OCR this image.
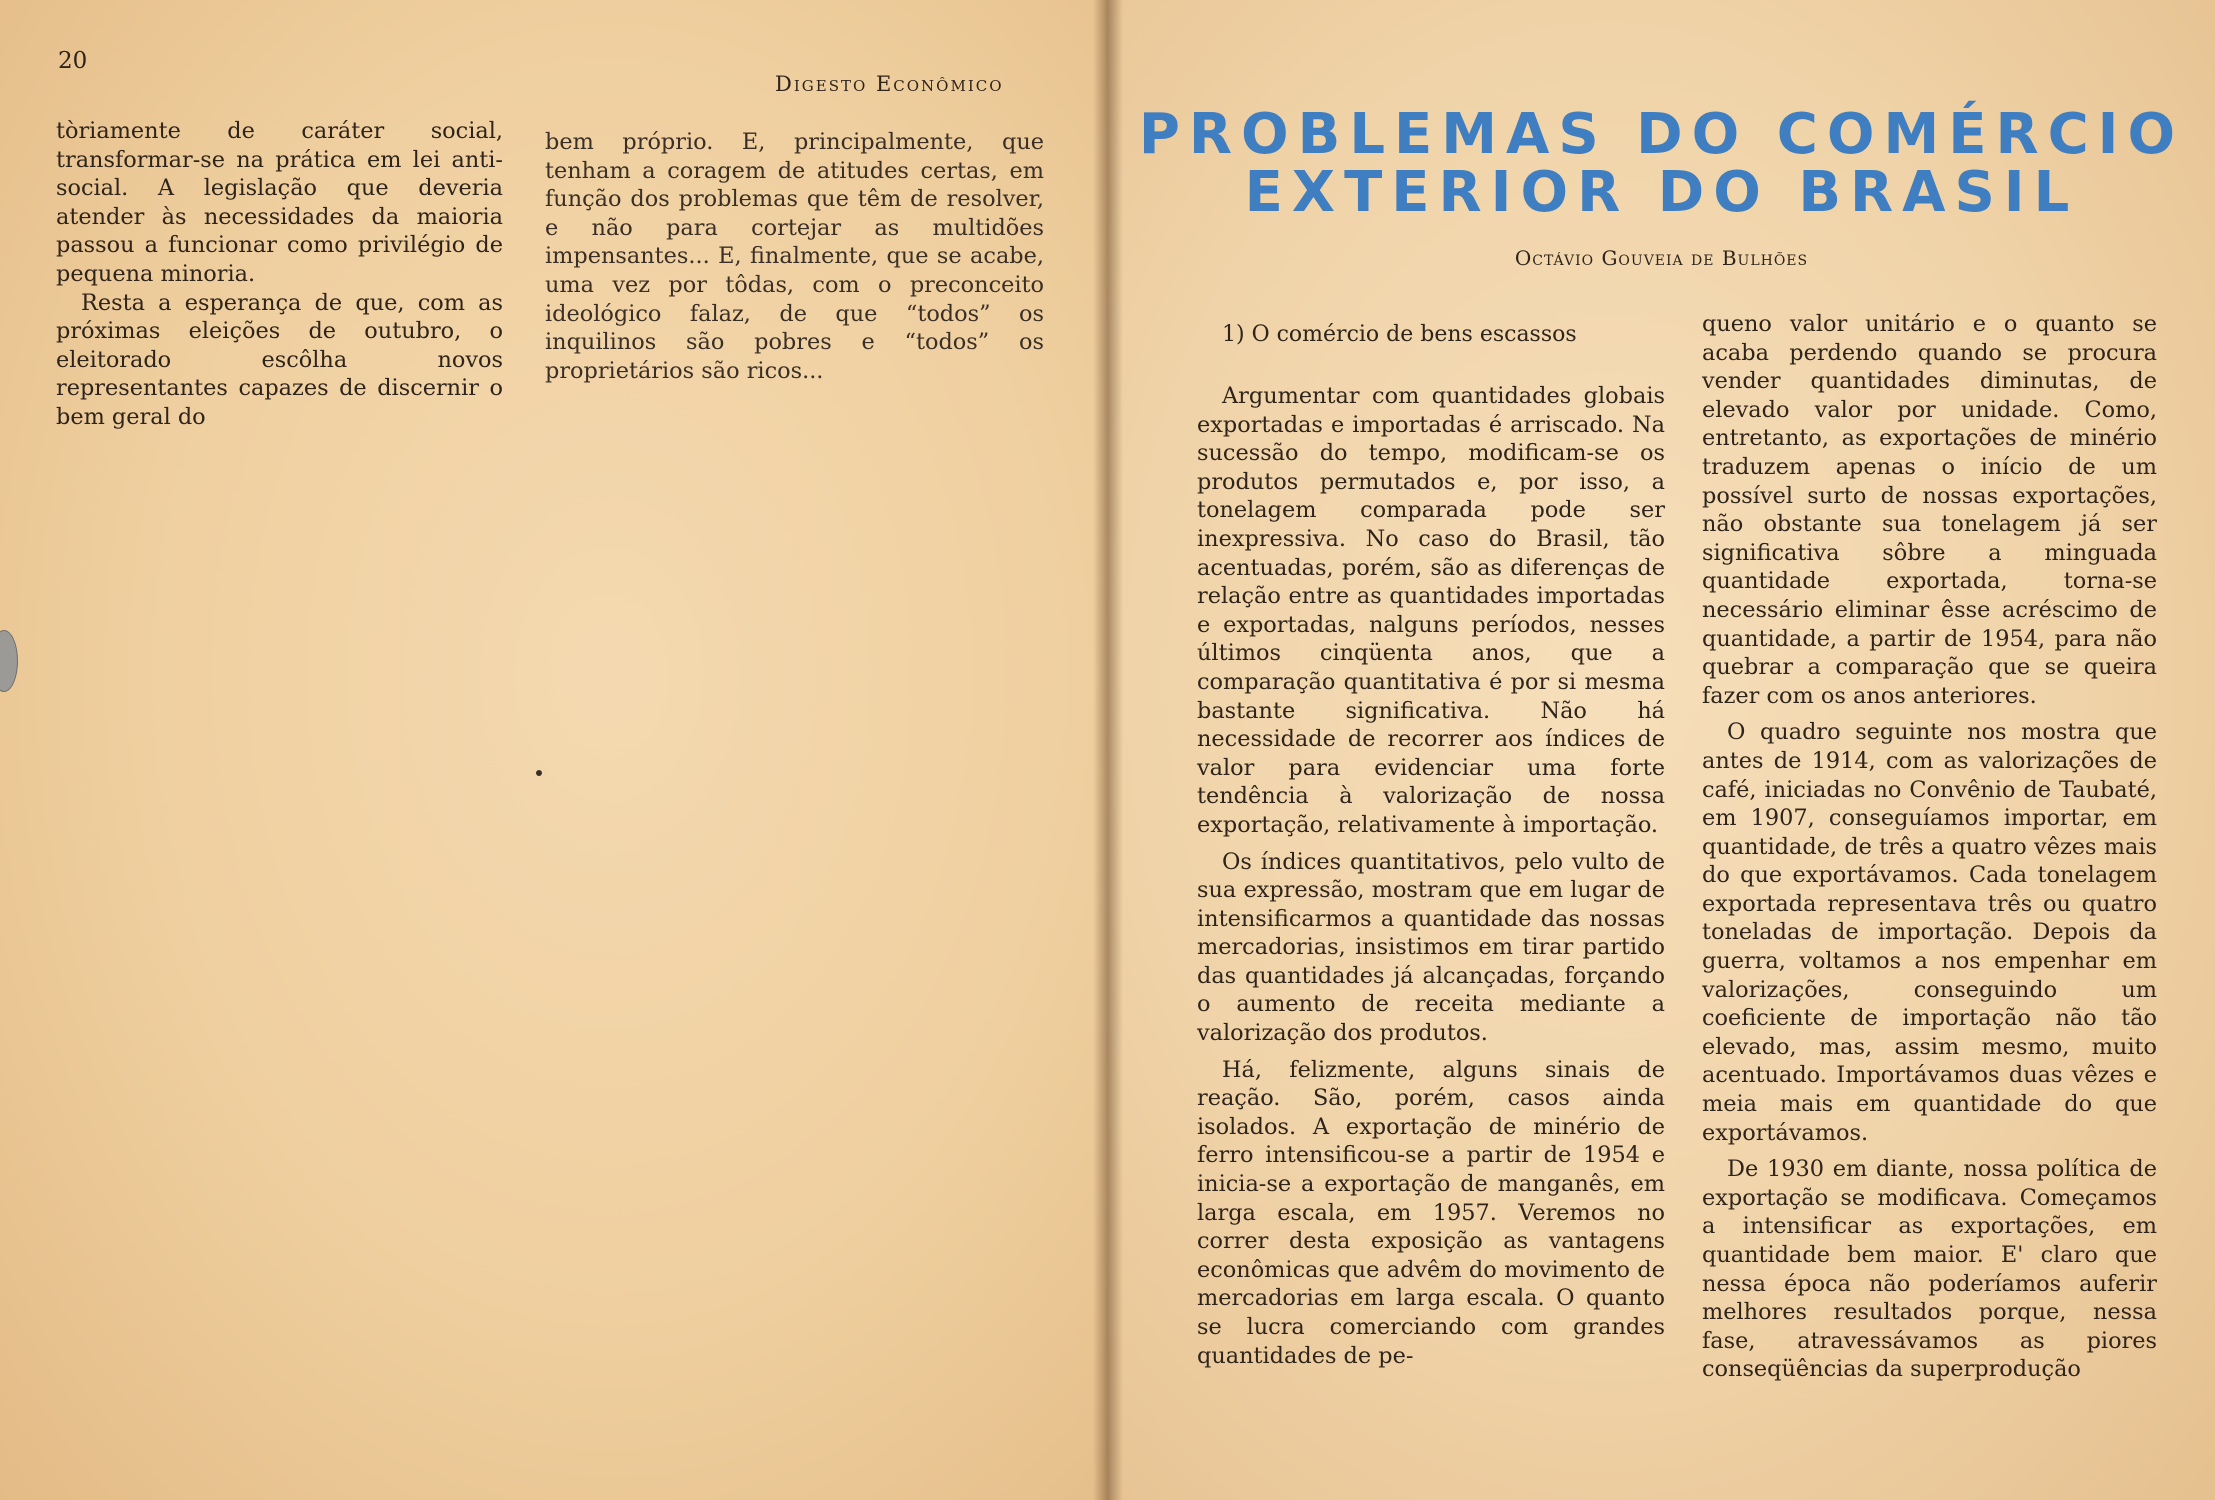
20
Digesto Econômico

tòriamente de caráter social, transformar-se na prática em lei anti-social. A legislação que deveria atender às necessidades da maioria passou a funcionar como privilégio de pequena minoria.

Resta a esperança de que, com as próximas eleições de outubro, o eleitorado escôlha novos representantes capazes de discernir o bem geral do

bem próprio. E, principalmente, que tenham a coragem de atitudes certas, em função dos problemas que têm de resolver, e não para cortejar as multidões impensantes... E, finalmente, que se acabe, uma vez por tôdas, com o preconceito ideológico falaz, de que “todos” os inquilinos são pobres e “todos” os proprietários são ricos...

PROBLEMAS DO COMÉRCIO
EXTERIOR DO BRASIL
Octávio Gouveia de Bulhões
1) O comércio de bens escassos

Argumentar com quantidades globais exportadas e importadas é arriscado. Na sucessão do tempo, modificam-se os produtos permutados e, por isso, a tonelagem comparada pode ser inexpressiva. No caso do Brasil, tão acentuadas, porém, são as diferenças de relação entre as quantidades importadas e exportadas, nalguns períodos, nesses últimos cinqüenta anos, que a comparação quantitativa é por si mesma bastante significativa. Não há necessidade de recorrer aos índices de valor para evidenciar uma forte tendência à valorização de nossa exportação, relativamente à importação.

Os índices quantitativos, pelo vulto de sua expressão, mostram que em lugar de intensificarmos a quantidade das nossas mercadorias, insistimos em tirar partido das quantidades já alcançadas, forçando o aumento de receita mediante a valorização dos produtos.

Há, felizmente, alguns sinais de reação. São, porém, casos ainda isolados. A exportação de minério de ferro intensificou-se a partir de 1954 e inicia-se a exportação de manganês, em larga escala, em 1957. Veremos no correr desta exposição as vantagens econômicas que advêm do movimento de mercadorias em larga escala. O quanto se lucra comerciando com grandes quantidades de pe-

queno valor unitário e o quanto se acaba perdendo quando se procura vender quantidades diminutas, de elevado valor por unidade. Como, entretanto, as exportações de minério traduzem apenas o início de um possível surto de nossas exportações, não obstante sua tonelagem já ser significativa sôbre a minguada quantidade exportada, torna-se necessário eliminar êsse acréscimo de quantidade, a partir de 1954, para não quebrar a comparação que se queira fazer com os anos anteriores.

O quadro seguinte nos mostra que antes de 1914, com as valorizações de café, iniciadas no Convênio de Taubaté, em 1907, conseguíamos importar, em quantidade, de três a quatro vêzes mais do que exportávamos. Cada tonelagem exportada representava três ou quatro toneladas de importação. Depois da guerra, voltamos a nos empenhar em valorizações, conseguindo um coeficiente de importação não tão elevado, mas, assim mesmo, muito acentuado. Importávamos duas vêzes e meia mais em quantidade do que exportávamos.

De 1930 em diante, nossa política de exportação se modificava. Começamos a intensificar as exportações, em quantidade bem maior. E' claro que nessa época não poderíamos auferir melhores resultados porque, nessa fase, atravessávamos as piores conseqüências da superprodução
